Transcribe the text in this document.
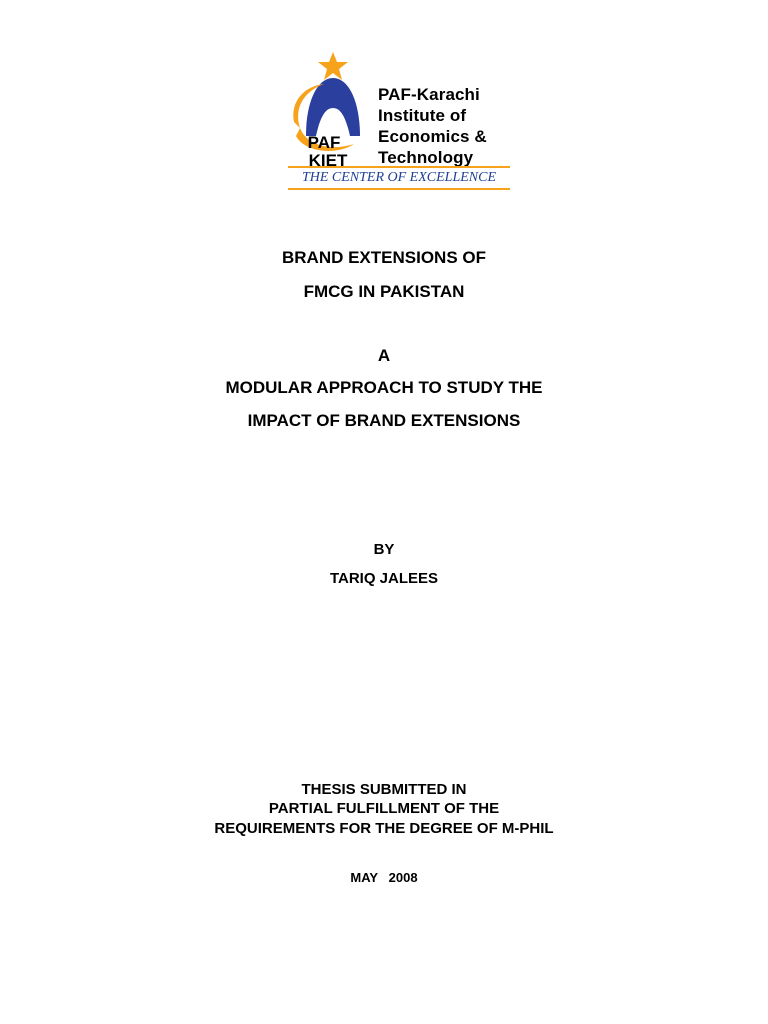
PAF
KIET
PAF-Karachi
Institute of
Economics &
Technology
THE CENTER OF EXCELLENCE
BRAND EXTENSIONS OF
FMCG IN PAKISTAN
A
MODULAR APPROACH TO STUDY THE
IMPACT OF BRAND EXTENSIONS
BY
TARIQ JALEES
THESIS SUBMITTED IN
PARTIAL FULFILLMENT OF THE
REQUIREMENTS FOR THE DEGREE OF M-PHIL
MAY   2008
